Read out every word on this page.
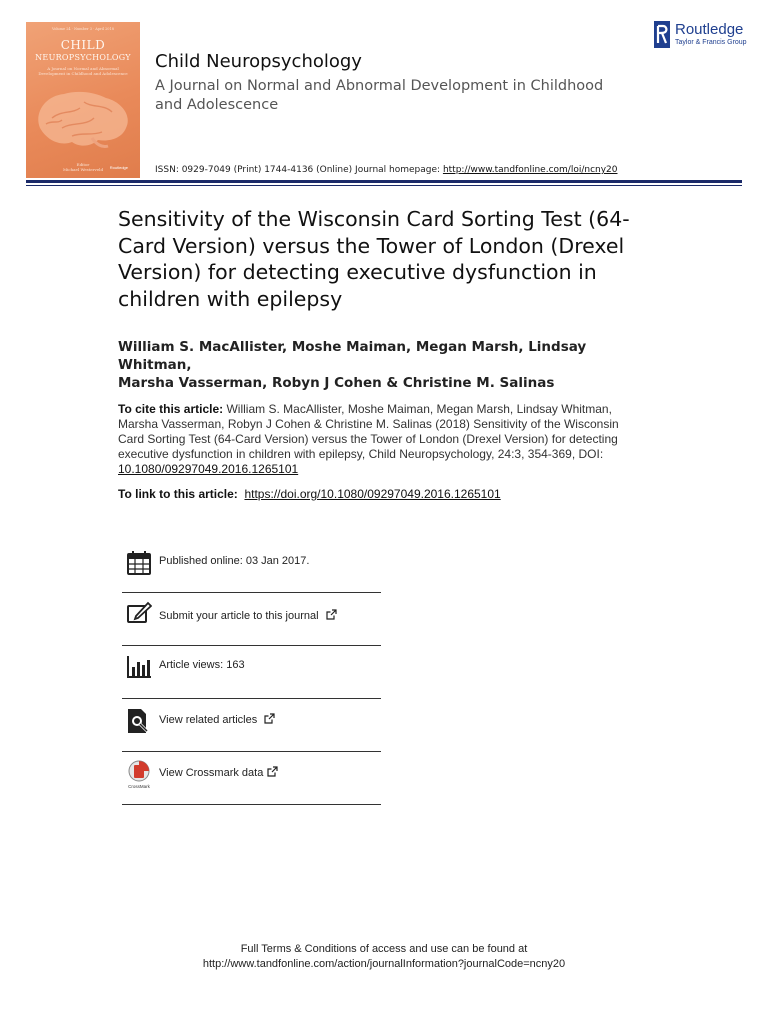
Volume 24 · Number 3 · April 2018
CHILD
NEUROPSYCHOLOGY
A Journal on Normal and Abnormal Development in Childhood and Adolescence
Editor
Michael Westerveld	Routledge
Child Neuropsychology
A Journal on Normal and Abnormal Development in Childhood and Adolescence
ISSN: 0929-7049 (Print) 1744-4136 (Online) Journal homepage: http://www.tandfonline.com/loi/ncny20
Routledge
Taylor & Francis Group
Sensitivity of the Wisconsin Card Sorting Test (64-Card Version) versus the Tower of London (Drexel Version) for detecting executive dysfunction in children with epilepsy
William S. MacAllister, Moshe Maiman, Megan Marsh, Lindsay Whitman,
Marsha Vasserman, Robyn J Cohen & Christine M. Salinas
To cite this article: William S. MacAllister, Moshe Maiman, Megan Marsh, Lindsay Whitman, Marsha Vasserman, Robyn J Cohen & Christine M. Salinas (2018) Sensitivity of the Wisconsin Card Sorting Test (64-Card Version) versus the Tower of London (Drexel Version) for detecting executive dysfunction in children with epilepsy, Child Neuropsychology, 24:3, 354-369, DOI: 10.1080/09297049.2016.1265101
To link to this article: https://doi.org/10.1080/09297049.2016.1265101
Published online: 03 Jan 2017.
Submit your article to this journal
Article views: 163
View related articles
CrossMark
View Crossmark data
Full Terms & Conditions of access and use can be found at
http://www.tandfonline.com/action/journalInformation?journalCode=ncny20
